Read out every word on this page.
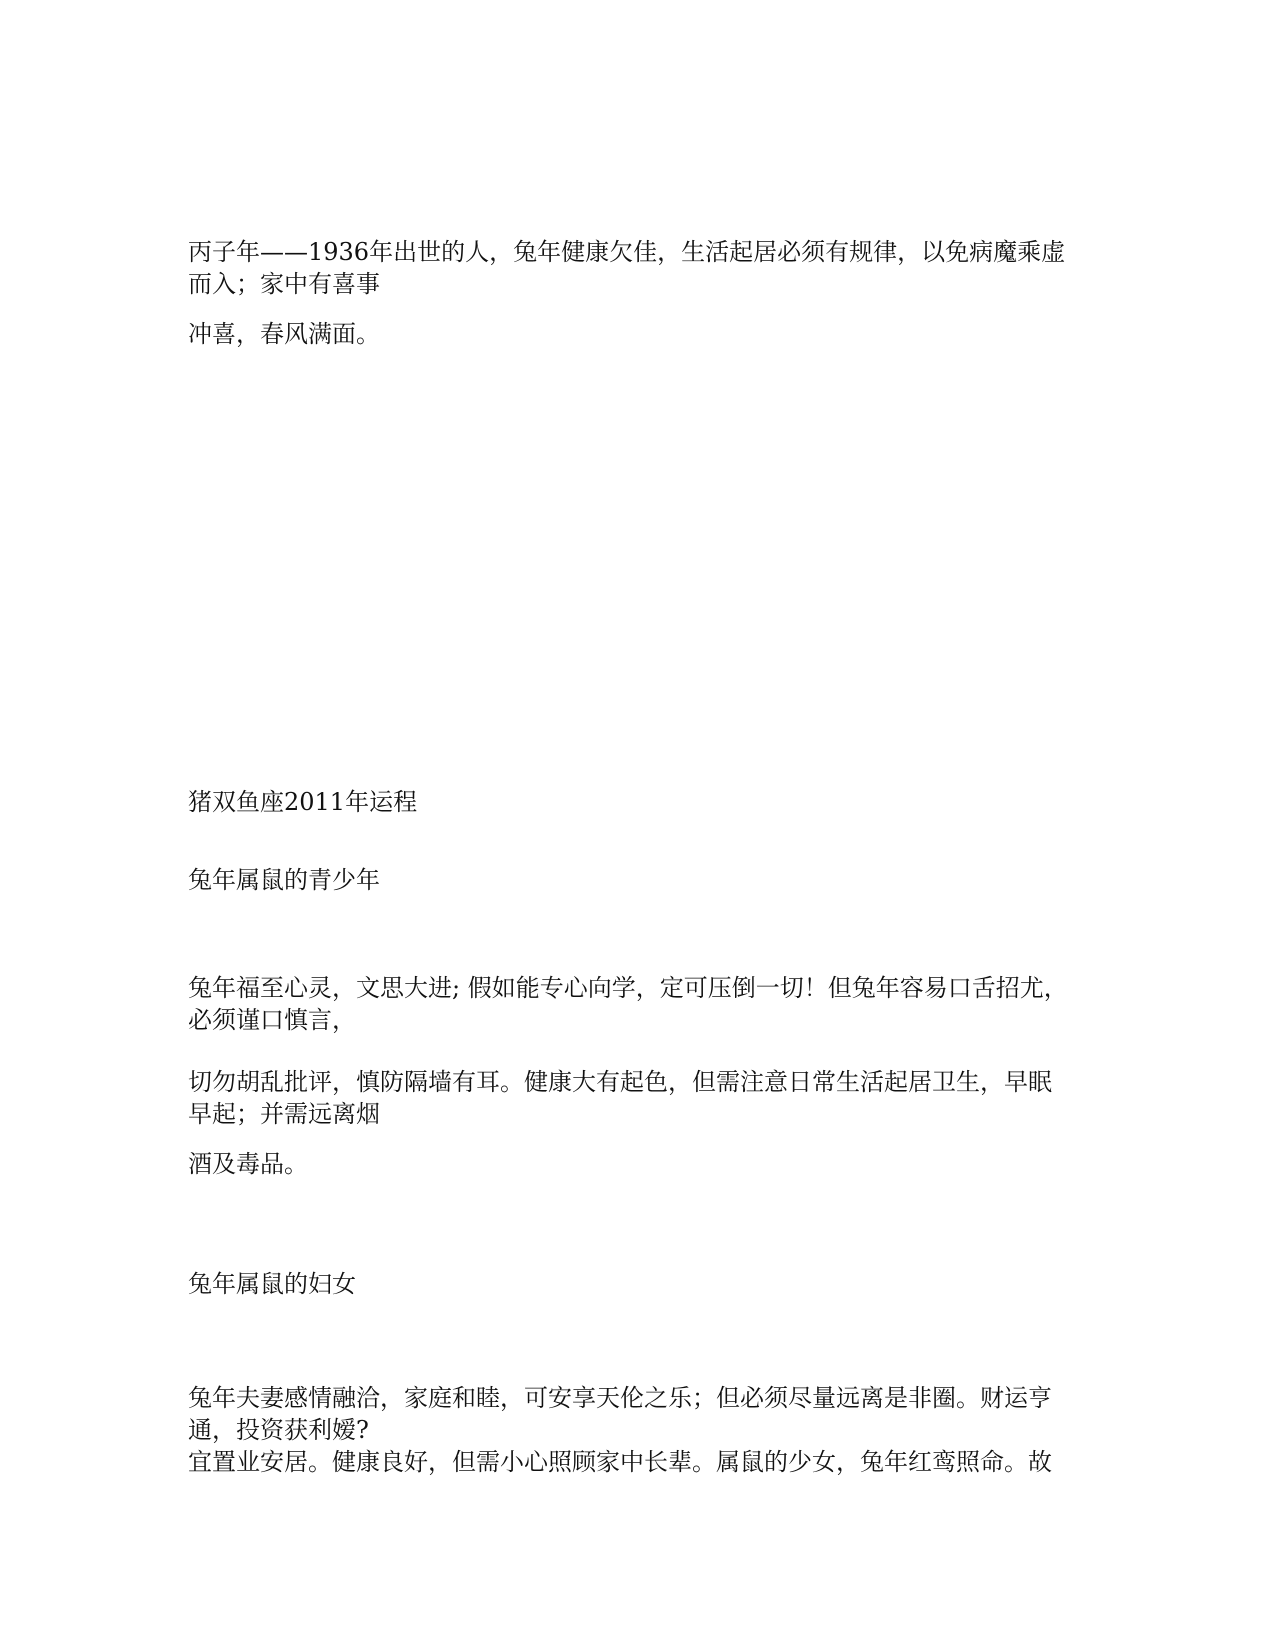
丙子年——1936年出世的人，兔年健康欠佳，生活起居必须有规律，以免病魔乘虚
而入；家中有喜事

冲喜，春风满面。

猪双鱼座2011年运程

兔年属鼠的青少年

兔年福至心灵，文思大进; 假如能专心向学，定可压倒一切！但兔年容易口舌招尤，
必须谨口慎言，

切勿胡乱批评，慎防隔墙有耳。健康大有起色，但需注意日常生活起居卫生，早眠
早起；并需远离烟

酒及毒品。

兔年属鼠的妇女

兔年夫妻感情融洽，家庭和睦，可安享天伦之乐；但必须尽量远离是非圈。财运亨
通，投资获利嫒?
宜置业安居。健康良好，但需小心照顾家中长辈。属鼠的少女，兔年红鸾照命。故
